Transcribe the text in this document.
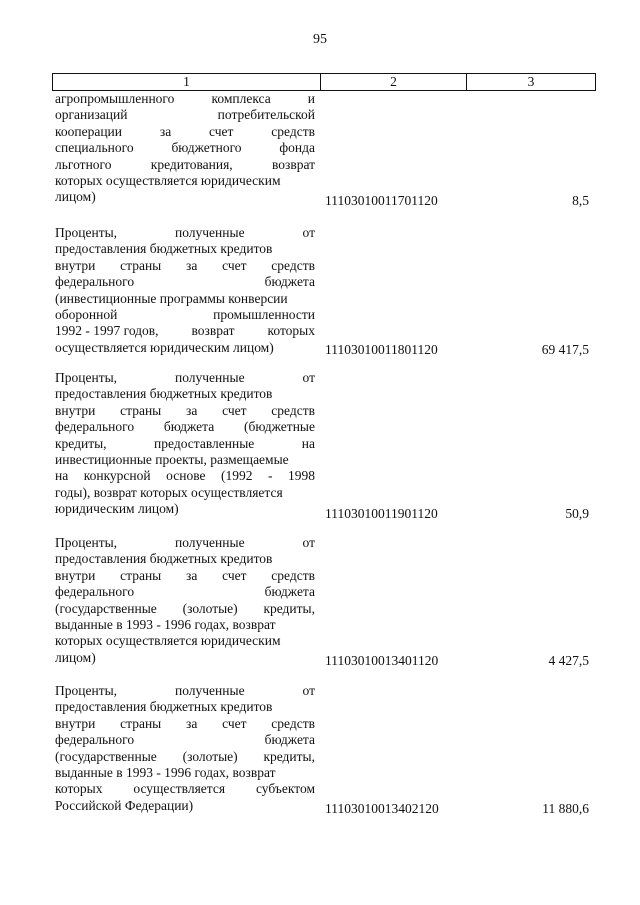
95
1	2	3
агропромышленного	комплекса	и
организаций	потребительской
кооперации	за	счет	средств
специального	бюджетного	фонда
льготного	кредитования,	возврат
которых осуществляется юридическим
лицом)	11103010011701120	8,5
Проценты,	полученные	от
предоставления бюджетных кредитов
внутри страны за счет средств
федерального	бюджета
(инвестиционные программы конверсии
оборонной	промышленности
1992 - 1997 годов, возврат которых
осуществляется юридическим лицом)	11103010011801120	69 417,5
Проценты,	полученные	от
предоставления бюджетных кредитов
внутри страны за счет средств
федерального бюджета (бюджетные
кредиты,	предоставленные	на
инвестиционные проекты, размещаемые
на конкурсной основе (1992 - 1998
годы), возврат которых осуществляется
юридическим лицом)	11103010011901120	50,9
Проценты,	полученные	от
предоставления бюджетных кредитов
внутри страны за счет средств
федерального	бюджета
(государственные (золотые) кредиты,
выданные в 1993 - 1996 годах, возврат
которых осуществляется юридическим
лицом)	11103010013401120	4 427,5
Проценты,	полученные	от
предоставления бюджетных кредитов
внутри страны за счет средств
федерального	бюджета
(государственные (золотые) кредиты,
выданные в 1993 - 1996 годах, возврат
которых осуществляется субъектом
Российской Федерации)	11103010013402120	11 880,6
